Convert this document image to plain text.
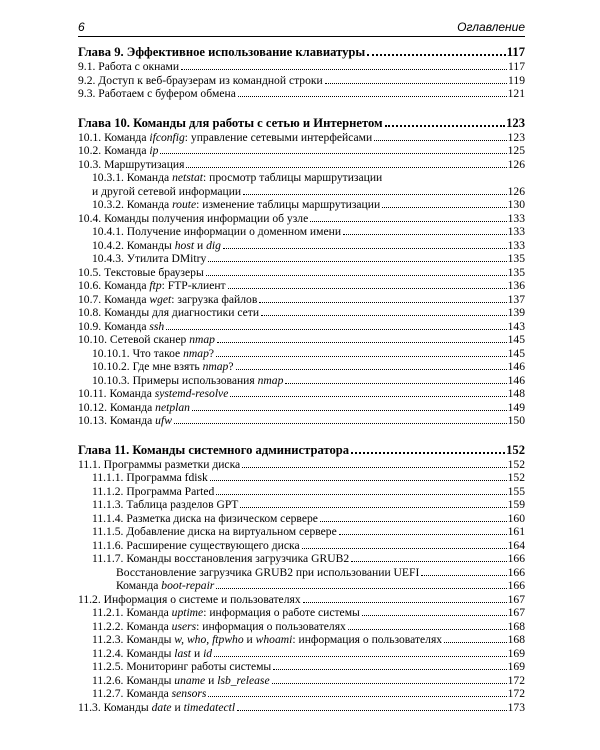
6	Оглавление
Глава 9. Эффективное использование клавиатуры	117
9.1. Работа с окнами	117
9.2. Доступ к веб-браузерам из командной строки	119
9.3. Работаем с буфером обмена	121
Глава 10. Команды для работы с сетью и Интернетом	123
10.1. Команда ifconfig: управление сетевыми интерфейсами	123
10.2. Команда ip	125
10.3. Маршрутизация	126
10.3.1. Команда netstat: просмотр таблицы маршрутизации
и другой сетевой информации	126
10.3.2. Команда route: изменение таблицы маршрутизации	130
10.4. Команды получения информации об узле	133
10.4.1. Получение информации о доменном имени	133
10.4.2. Команды host и dig	133
10.4.3. Утилита DMitry	135
10.5. Текстовые браузеры	135
10.6. Команда ftp: FTP-клиент	136
10.7. Команда wget: загрузка файлов	137
10.8. Команды для диагностики сети	139
10.9. Команда ssh	143
10.10. Сетевой сканер nmap	145
10.10.1. Что такое nmap?	145
10.10.2. Где мне взять nmap?	146
10.10.3. Примеры использования nmap	146
10.11. Команда systemd-resolve	148
10.12. Команда netplan	149
10.13. Команда ufw	150
Глава 11. Команды системного администратора	152
11.1. Программы разметки диска	152
11.1.1. Программа fdisk	152
11.1.2. Программа Parted	155
11.1.3. Таблица разделов GPT	159
11.1.4. Разметка диска на физическом сервере	160
11.1.5. Добавление диска на виртуальном сервере	161
11.1.6. Расширение существующего диска	164
11.1.7. Команды восстановления загрузчика GRUB2	166
Восстановление загрузчика GRUB2 при использовании UEFI	166
Команда boot-repair	166
11.2. Информация о системе и пользователях	167
11.2.1. Команда uptime: информация о работе системы	167
11.2.2. Команда users: информация о пользователях	168
11.2.3. Команды w, who, ftpwho и whoami: информация о пользователях	168
11.2.4. Команды last и id	169
11.2.5. Мониторинг работы системы	169
11.2.6. Команды uname и lsb_release	172
11.2.7. Команда sensors	172
11.3. Команды date и timedatectl	173
